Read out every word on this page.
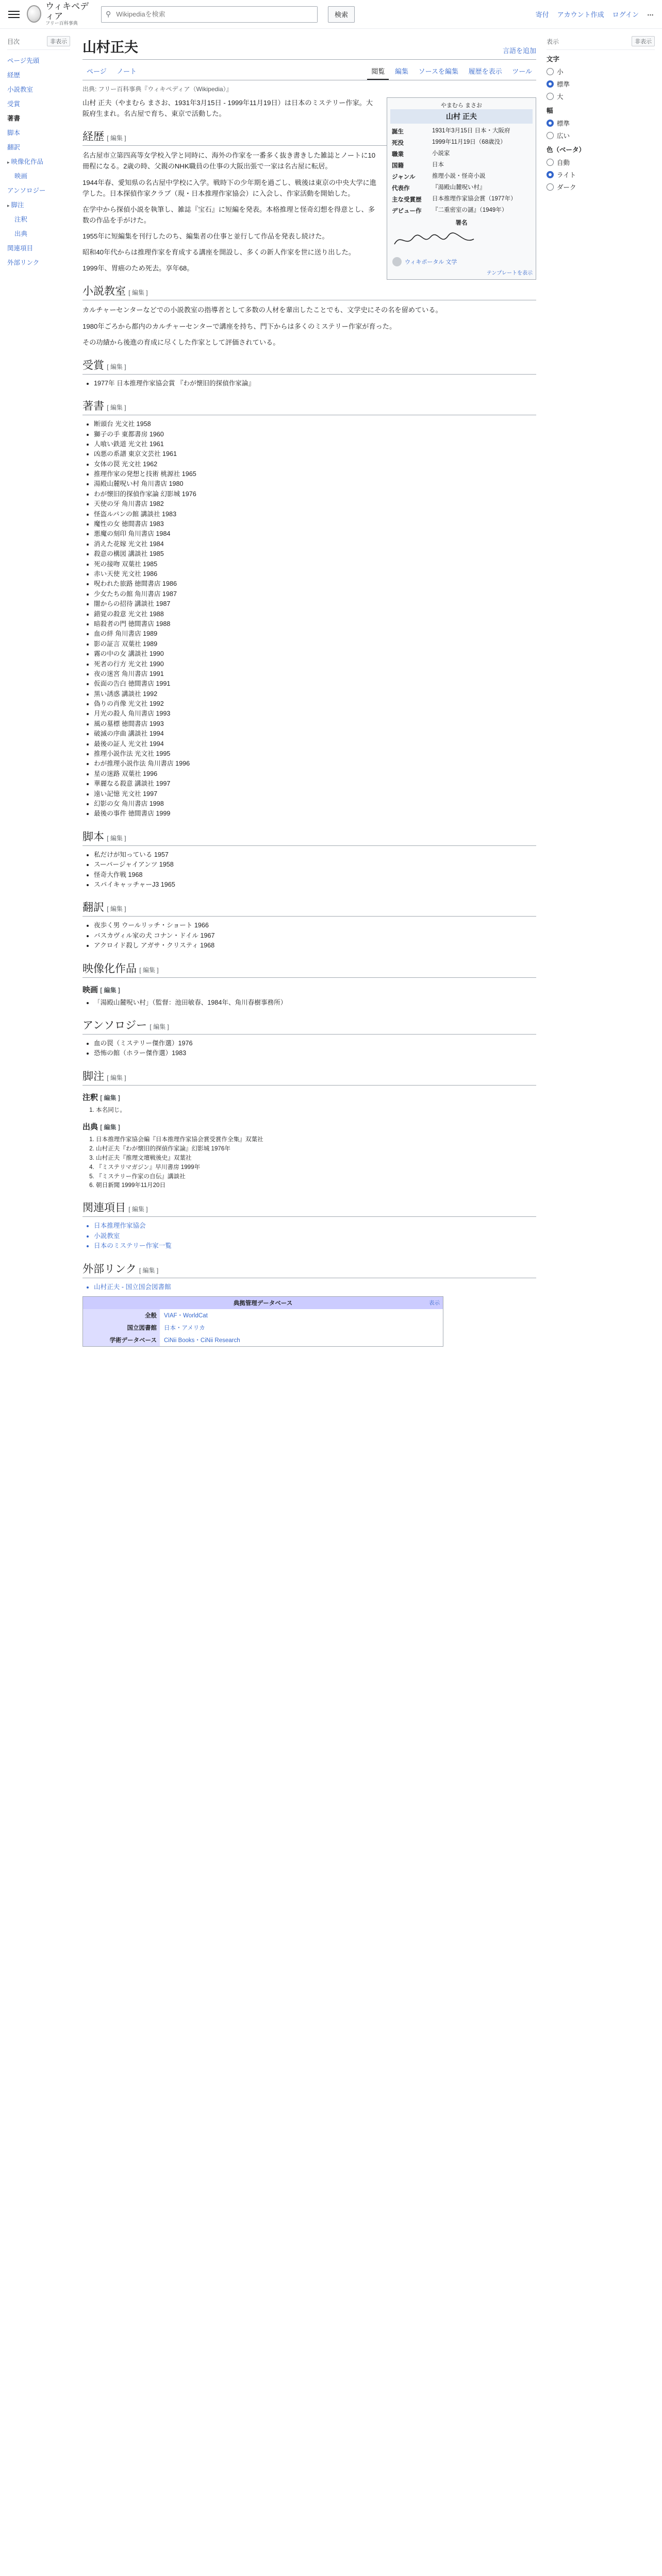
ウィキペディア
フリー百科事典
⚲
Wikipediaを検索	検索	寄付 アカウント作成 ログイン …
目次	非表示
ページ先頭
経歴
小説教室
受賞
著書
脚本
翻訳
▸ 映像化作品
映画
アンソロジー
▸ 脚注
注釈
出典
関連項目
外部リンク
山村正夫	言語を追加
ページ ノート	閲覧 編集 ソースを編集 履歴を表示 ツール
出典: フリー百科事典『ウィキペディア（Wikipedia）』
やまむら まさお
山村 正夫
誕生	1931年3月15日 日本・大阪府
死没	1999年11月19日（68歳没）
職業	小説家
国籍	日本
ジャンル	推理小説・怪奇小説
代表作	『湯殿山麓呪い村』
主な受賞歴	日本推理作家協会賞（1977年）
デビュー作	『二重密室の謎』（1949年）
署名
ウィキポータル 文学
テンプレートを表示

山村 正夫（やまむら まさお、1931年3月15日 - 1999年11月19日）は日本のミステリー作家。大阪府生まれ。名古屋で育ち、東京で活動した。

経歴 [ 編集 ]

名古屋市立第四高等女学校入学と同時に、海外の作家を一番多く抜き書きした雑誌とノートに10冊程になる。2歳の時、父親のNHK職員の仕事の大阪出張で一家は名古屋に転居。

1944年春、愛知県の名古屋中学校に入学。戦時下の少年期を過ごし、戦後は東京の中央大学に進学した。日本探偵作家クラブ（現・日本推理作家協会）に入会し、作家活動を開始した。

在学中から探偵小説を執筆し、雑誌『宝石』に短編を発表。本格推理と怪奇幻想を得意とし、多数の作品を手がけた。

1955年に短編集を刊行したのち、編集者の仕事と並行して作品を発表し続けた。

昭和40年代からは推理作家を育成する講座を開設し、多くの新人作家を世に送り出した。

1999年、胃癌のため死去。享年68。

小説教室 [ 編集 ]

カルチャーセンターなどでの小説教室の指導者として多数の人材を輩出したことでも、文学史にその名を留めている。

1980年ごろから都内のカルチャーセンターで講座を持ち、門下からは多くのミステリー作家が育った。

その功績から後進の育成に尽くした作家として評価されている。

受賞 [ 編集 ]
• 1977年 日本推理作家協会賞 『わが懐旧的探偵作家論』
著書 [ 編集 ]
• 断頭台 光文社 1958
• 獅子の手 東都書房 1960
• 人喰い鉄道 光文社 1961
• 凶悪の系譜 東京文芸社 1961
• 女体の罠 光文社 1962
• 推理作家の発想と技術 桃源社 1965
• 湯殿山麓呪い村 角川書店 1980
• わが懐旧的探偵作家論 幻影城 1976
• 天使の牙 角川書店 1982
• 怪盗ルパンの館 講談社 1983
• 魔性の女 徳間書店 1983
• 悪魔の刻印 角川書店 1984
• 消えた花嫁 光文社 1984
• 殺意の構図 講談社 1985
• 死の接吻 双葉社 1985
• 赤い天使 光文社 1986
• 呪われた旅路 徳間書店 1986
• 少女たちの館 角川書店 1987
• 闇からの招待 講談社 1987
• 錯覚の殺意 光文社 1988
• 暗殺者の門 徳間書店 1988
• 血の絆 角川書店 1989
• 影の証言 双葉社 1989
• 霧の中の女 講談社 1990
• 死者の行方 光文社 1990
• 夜の迷宮 角川書店 1991
• 仮面の告白 徳間書店 1991
• 黒い誘惑 講談社 1992
• 偽りの肖像 光文社 1992
• 月光の殺人 角川書店 1993
• 風の墓標 徳間書店 1993
• 破滅の序曲 講談社 1994
• 最後の証人 光文社 1994
• 推理小説作法 光文社 1995
• わが推理小説作法 角川書店 1996
• 星の迷路 双葉社 1996
• 華麗なる殺意 講談社 1997
• 遠い記憶 光文社 1997
• 幻影の女 角川書店 1998
• 最後の事件 徳間書店 1999
脚本 [ 編集 ]
• 私だけが知っている 1957
• スーパージャイアンツ 1958
• 怪奇大作戦 1968
• スパイキャッチャーJ3 1965
翻訳 [ 編集 ]
• 夜歩く男 ウールリッチ・ショート 1966
• バスカヴィル家の犬 コナン・ドイル 1967
• アクロイド殺し アガサ・クリスティ 1968
映像化作品 [ 編集 ]
映画 [ 編集 ]
• 「湯殿山麓呪い村」（監督：池田敏春、1984年、角川春樹事務所）
アンソロジー [ 編集 ]
• 血の罠（ミステリー傑作選）1976
• 恐怖の館（ホラー傑作選）1983
脚注 [ 編集 ]
注釈 [ 編集 ]
1. 本名同じ。
出典 [ 編集 ]
1. 日本推理作家協会編『日本推理作家協会賞受賞作全集』双葉社
2. 山村正夫『わが懐旧的探偵作家論』幻影城 1976年
3. 山村正夫『推理文壇戦後史』双葉社
4. 『ミステリマガジン』早川書房 1999年
5. 『ミステリー作家の自伝』講談社
6. 朝日新聞 1999年11月20日
関連項目 [ 編集 ]
• 日本推理作家協会
• 小説教室
• 日本のミステリー作家一覧
外部リンク [ 編集 ]
• 山村正夫 - 国立国会図書館
典拠管理データベース	表示
全般	VIAF・WorldCat
国立図書館	日本・アメリカ
学術データベース	CiNii Books・CiNii Research
表示	非表示
文字
小
標準
大
幅
標準
広い
色（ベータ）
自動
ライト
ダーク
